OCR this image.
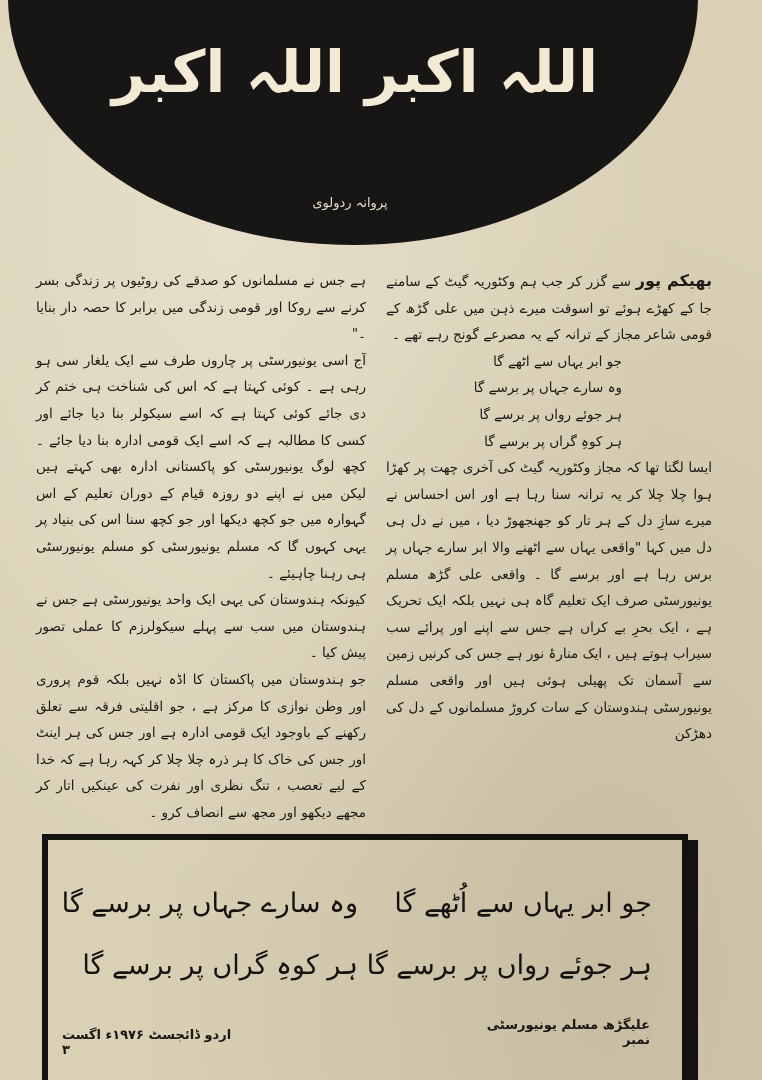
اللہ اکبر اللہ اکبر
پروانہ ردولوی

بھیکم پور سے گزر کر جب ہم وکٹوریہ گیٹ کے سامنے جا کے کھڑے ہوئے تو اسوقت میرے ذہن میں علی گڑھ کے قومی شاعر مجاز کے ترانہ کے یہ مصرعے گونج رہے تھے ۔

جو ابر یہاں سے اٹھے گا
وہ سارے جہاں پر برسے گا
ہر جوئے رواں پر برسے گا
ہر کوہِ گراں پر برسے گا

ایسا لگتا تھا کہ مجاز وکٹوریہ گیٹ کی آخری چھت پر کھڑا ہوا چلا چلا کر یہ ترانہ سنا رہا ہے اور اس احساس نے میرے سازِ دل کے ہر تار کو جھنجھوڑ دیا ، میں نے دل ہی دل میں کہا "واقعی یہاں سے اٹھنے والا ابر سارے جہاں پر برس رہا ہے اور برسے گا ۔ واقعی علی گڑھ مسلم یونیورسٹی صرف ایک تعلیم گاہ ہی نہیں بلکہ ایک تحریک ہے ، ایک بحرِ بے کراں ہے جس سے اپنے اور پرائے سب سیراب ہوتے ہیں ، ایک منارۂ نور ہے جس کی کرنیں زمین سے آسمان تک پھیلی ہوئی ہیں اور واقعی مسلم یونیورسٹی ہندوستان کے سات کروڑ مسلمانوں کے دل کی دھڑکن

ہے جس نے مسلمانوں کو صدقے کی روٹیوں پر زندگی بسر کرنے سے روکا اور قومی زندگی میں برابر کا حصہ دار بنایا ۔"

آج اسی یونیورسٹی پر چاروں طرف سے ایک یلغار سی ہو رہی ہے ۔ کوئی کہتا ہے کہ اس کی شناخت ہی ختم کر دی جائے کوئی کہتا ہے کہ اسے سیکولر بنا دیا جائے اور کسی کا مطالبہ ہے کہ اسے ایک قومی ادارہ بنا دیا جائے ۔ کچھ لوگ یونیورسٹی کو پاکستانی ادارہ بھی کہتے ہیں لیکن میں نے اپنے دو روزہ قیام کے دوران تعلیم کے اس گہوارہ میں جو کچھ دیکھا اور جو کچھ سنا اس کی بنیاد پر یہی کہوں گا کہ مسلم یونیورسٹی کو مسلم یونیورسٹی ہی رہنا چاہیئے ۔

کیونکہ ہندوستان کی یہی ایک واحد یونیورسٹی ہے جس نے ہندوستان میں سب سے پہلے سیکولرزم کا عملی تصور پیش کیا ۔

جو ہندوستان میں پاکستان کا اڈہ نہیں بلکہ قوم پروری اور وطن نوازی کا مرکز ہے ، جو اقلیتی فرقہ سے تعلق رکھنے کے باوجود ایک قومی ادارہ ہے اور جس کی ہر اینٹ اور جس کی خاک کا ہر ذرہ چلا چلا کر کہہ رہا ہے کہ خدا کے لیے تعصب ، تنگ نظری اور نفرت کی عینکیں اتار کر مجھے دیکھو اور مجھ سے انصاف کرو ۔

جو ابر یہاں سے اُٹھے گا
وہ سارے جہاں پر برسے گا
ہر جوئے رواں پر برسے گا
ہر کوہِ گراں پر برسے گا
علیگڑھ مسلم یونیورسٹی نمبر
اردو ڈائجسٹ ۱۹۷۶ء اگست ۳
